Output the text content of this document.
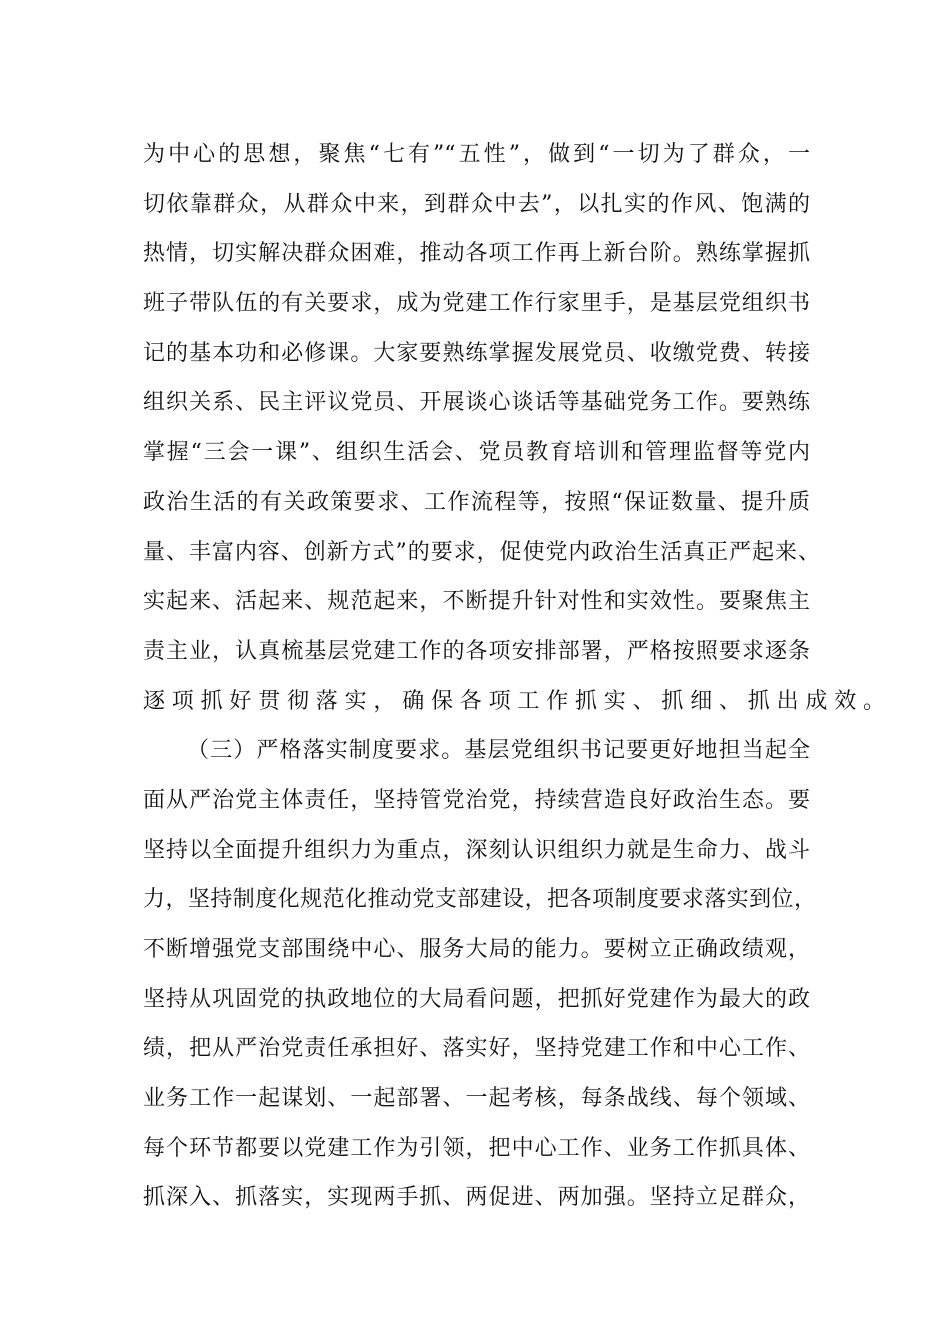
为中心的思想，聚焦“七有”“五性”，做到“一切为了群众，一
切依靠群众，从群众中来，到群众中去”，以扎实的作风、饱满的
热情，切实解决群众困难，推动各项工作再上新台阶。熟练掌握抓
班子带队伍的有关要求，成为党建工作行家里手，是基层党组织书
记的基本功和必修课。大家要熟练掌握发展党员、收缴党费、转接
组织关系、民主评议党员、开展谈心谈话等基础党务工作。要熟练
掌握“三会一课”、组织生活会、党员教育培训和管理监督等党内
政治生活的有关政策要求、工作流程等，按照“保证数量、提升质
量、丰富内容、创新方式”的要求，促使党内政治生活真正严起来、
实起来、活起来、规范起来，不断提升针对性和实效性。要聚焦主
责主业，认真梳基层党建工作的各项安排部署，严格按照要求逐条
逐项抓好贯彻落实，确保各项工作抓实、抓细、抓出成效。
（三）严格落实制度要求。基层党组织书记要更好地担当起全
面从严治党主体责任，坚持管党治党，持续营造良好政治生态。要
坚持以全面提升组织力为重点，深刻认识组织力就是生命力、战斗
力，坚持制度化规范化推动党支部建设，把各项制度要求落实到位，
不断增强党支部围绕中心、服务大局的能力。要树立正确政绩观，
坚持从巩固党的执政地位的大局看问题，把抓好党建作为最大的政
绩，把从严治党责任承担好、落实好，坚持党建工作和中心工作、
业务工作一起谋划、一起部署、一起考核，每条战线、每个领域、
每个环节都要以党建工作为引领，把中心工作、业务工作抓具体、
抓深入、抓落实，实现两手抓、两促进、两加强。坚持立足群众，
